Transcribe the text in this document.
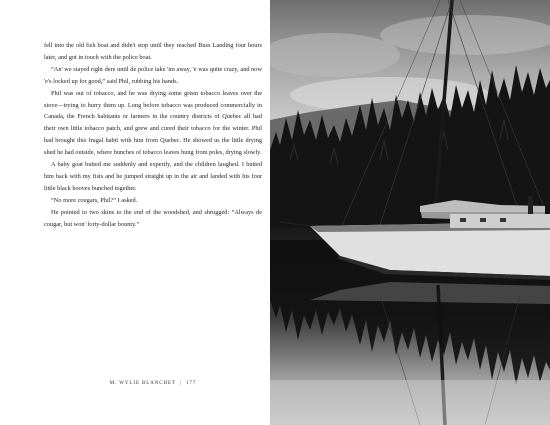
fell into the old fish boat and didn't stop until they reached Buss Landing four hours later, and got in touch with the police boat.

“An' we stayed right dere until de police take 'im away, 'e was quite crazy, and now 'e's locked up for good,” said Phil, rubbing his hands.

Phil was out of tobacco, and he was drying some green tobacco leaves over the stove—trying to hurry them up. Long before tobacco was produced commercially in Canada, the French habitants or farmers in the country districts of Quebec all had their own little tobacco patch, and grew and cured their tobacco for the winter. Phil had brought this frugal habit with him from Quebec. He showed us the little drying shed he had outside, where bunches of tobacco leaves hung from poles, drying slowly.

A baby goat butted me suddenly and expertly, and the children laughed. I butted him back with my fists and he jumped straight up in the air and landed with his four little black hooves bunched together.

“No more cougars, Phil?” I asked.

He pointed to two skins to the end of the woodshed, and shrugged: “Always de cougar, but won' forty-dollar bounty.”

M. WYLIE BLANCHET | 177
